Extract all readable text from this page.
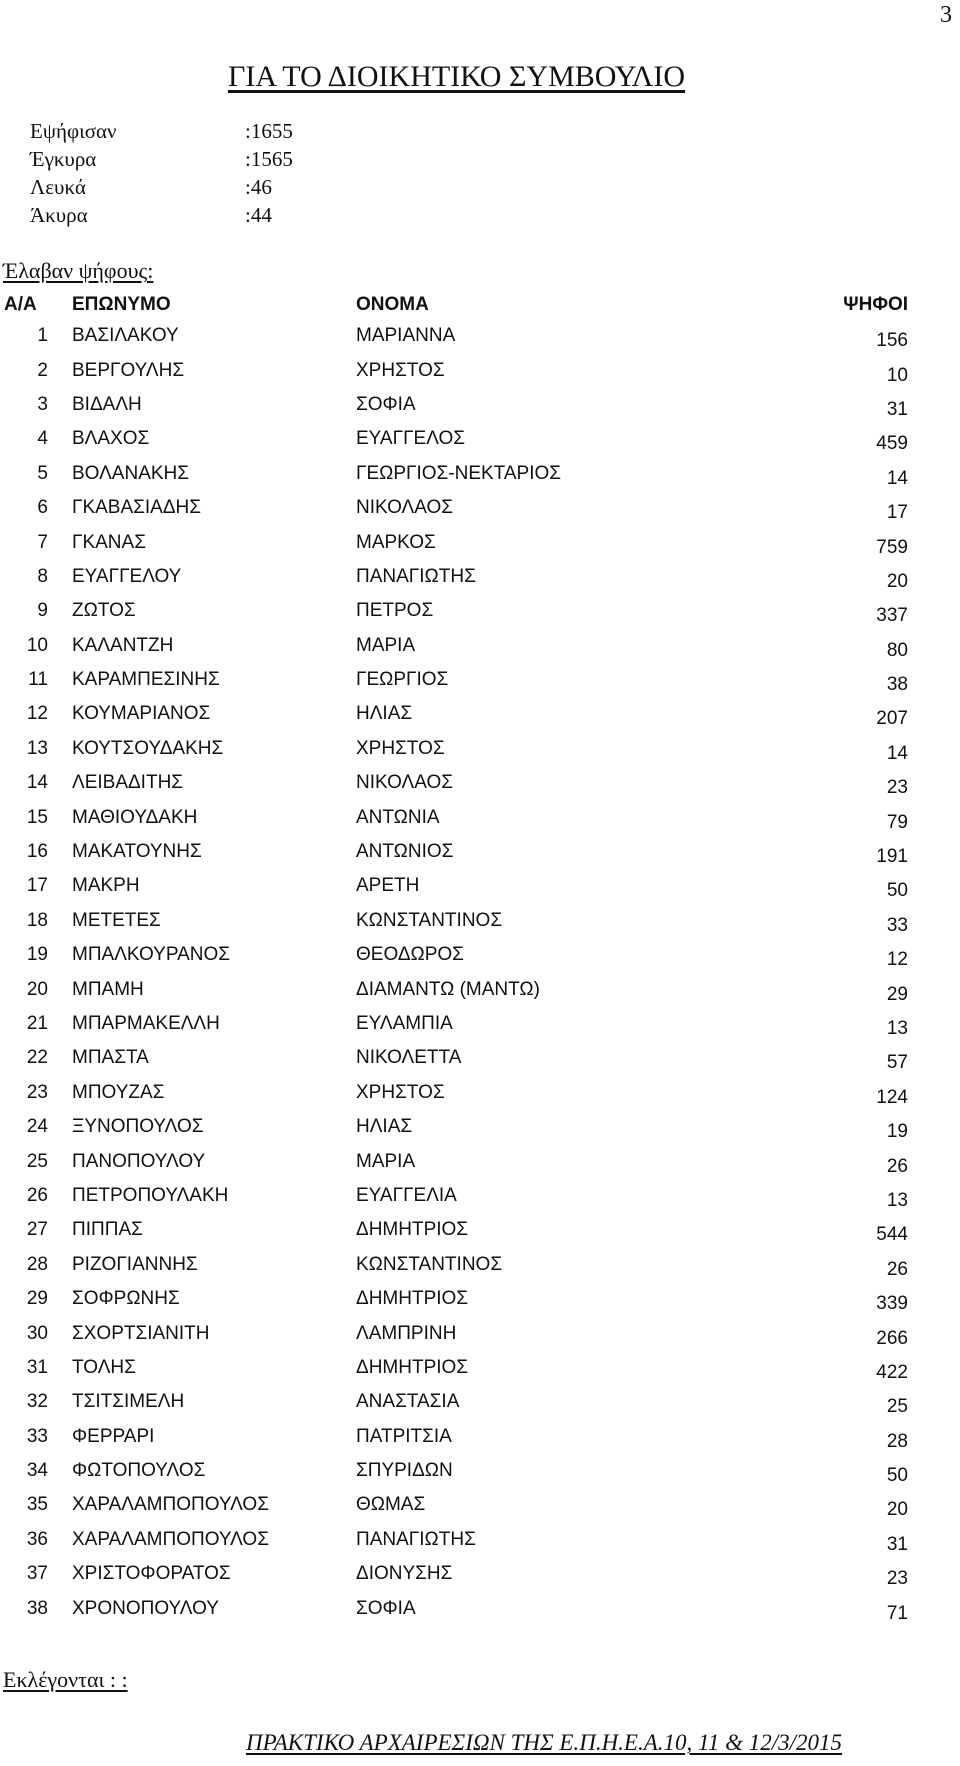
3
ΓΙΑ ΤΟ ΔΙΟΙΚΗΤΙΚΟ ΣΥΜΒΟΥΛΙΟ
Εψήφισαν	:1655
Έγκυρα	:1565
Λευκά	:46
Άκυρα	:44
Έλαβαν ψήφους:
Α/Α	ΕΠΩΝΥΜΟ	ΟΝΟΜΑ	ΨΗΦΟΙ
1 ΒΑΣΙΛΑΚΟΥ	ΜΑΡΙΑΝΝΑ	156
2 ΒΕΡΓΟΥΛΗΣ	ΧΡΗΣΤΟΣ	10
3 ΒΙΔΑΛΗ	ΣΟΦΙΑ	31
4 ΒΛΑΧΟΣ	ΕΥΑΓΓΕΛΟΣ	459
5 ΒΟΛΑΝΑΚΗΣ	ΓΕΩΡΓΙΟΣ-ΝΕΚΤΑΡΙΟΣ	14
6 ΓΚΑΒΑΣΙΑΔΗΣ	ΝΙΚΟΛΑΟΣ	17
7 ΓΚΑΝΑΣ	ΜΑΡΚΟΣ	759
8 ΕΥΑΓΓΕΛΟΥ	ΠΑΝΑΓΙΩΤΗΣ	20
9 ΖΩΤΟΣ	ΠΕΤΡΟΣ	337
10 ΚΑΛΑΝΤΖΗ	ΜΑΡΙΑ	80
11 ΚΑΡΑΜΠΕΣΙΝΗΣ	ΓΕΩΡΓΙΟΣ	38
12 ΚΟΥΜΑΡΙΑΝΟΣ	ΗΛΙΑΣ	207
13 ΚΟΥΤΣΟΥΔΑΚΗΣ	ΧΡΗΣΤΟΣ	14
14 ΛΕΙΒΑΔΙΤΗΣ	ΝΙΚΟΛΑΟΣ	23
15 ΜΑΘΙΟΥΔΑΚΗ	ΑΝΤΩΝΙΑ	79
16 ΜΑΚΑΤΟΥΝΗΣ	ΑΝΤΩΝΙΟΣ	191
17 ΜΑΚΡΗ	ΑΡΕΤΗ	50
18 ΜΕΤΕΤΕΣ	ΚΩΝΣΤΑΝΤΙΝΟΣ	33
19 ΜΠΑΛΚΟΥΡΑΝΟΣ	ΘΕΟΔΩΡΟΣ	12
20 ΜΠΑΜΗ	ΔΙΑΜΑΝΤΩ (ΜΑΝΤΩ)	29
21 ΜΠΑΡΜΑΚΕΛΛΗ	ΕΥΛΑΜΠΙΑ	13
22 ΜΠΑΣΤΑ	ΝΙΚΟΛΕΤΤΑ	57
23 ΜΠΟΥΖΑΣ	ΧΡΗΣΤΟΣ	124
24 ΞΥΝΟΠΟΥΛΟΣ	ΗΛΙΑΣ	19
25 ΠΑΝΟΠΟΥΛΟΥ	ΜΑΡΙΑ	26
26 ΠΕΤΡΟΠΟΥΛΑΚΗ	ΕΥΑΓΓΕΛΙΑ	13
27 ΠΙΠΠΑΣ	ΔΗΜΗΤΡΙΟΣ	544
28 ΡΙΖΟΓΙΑΝΝΗΣ	ΚΩΝΣΤΑΝΤΙΝΟΣ	26
29 ΣΟΦΡΩΝΗΣ	ΔΗΜΗΤΡΙΟΣ	339
30 ΣΧΟΡΤΣΙΑΝΙΤΗ	ΛΑΜΠΡΙΝΗ	266
31 ΤΟΛΗΣ	ΔΗΜΗΤΡΙΟΣ	422
32 ΤΣΙΤΣΙΜΕΛΗ	ΑΝΑΣΤΑΣΙΑ	25
33 ΦΕΡΡΑΡΙ	ΠΑΤΡΙΤΣΙΑ	28
34 ΦΩΤΟΠΟΥΛΟΣ	ΣΠΥΡΙΔΩΝ	50
35 ΧΑΡΑΛΑΜΠΟΠΟΥΛΟΣ	ΘΩΜΑΣ	20
36 ΧΑΡΑΛΑΜΠΟΠΟΥΛΟΣ	ΠΑΝΑΓΙΩΤΗΣ	31
37 ΧΡΙΣΤΟΦΟΡΑΤΟΣ	ΔΙΟΝΥΣΗΣ	23
38 ΧΡΟΝΟΠΟΥΛΟΥ	ΣΟΦΙΑ	71
Εκλέγονται : :
ΠΡΑΚΤΙΚΟ ΑΡΧΑΙΡΕΣΙΩΝ ΤΗΣ Ε.Π.Η.Ε.Α.10, 11 & 12/3/2015
